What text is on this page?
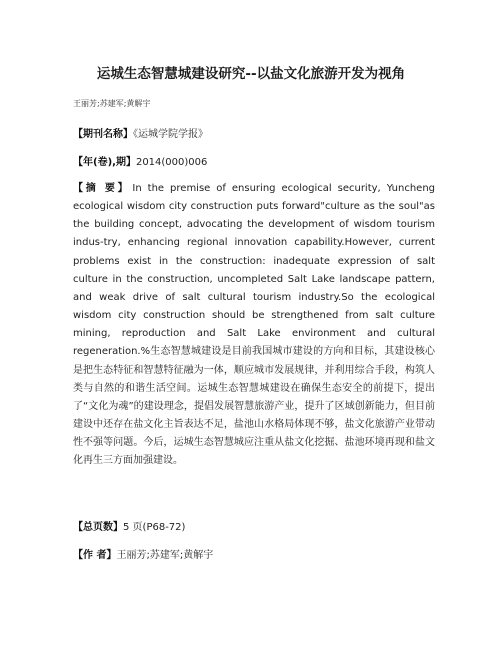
运城生态智慧城建设研究--以盐文化旅游开发为视角
王丽芳;苏建军;黄解宇
【期刊名称】《运城学院学报》
【年(卷),期】2014(000)006
【摘 要】 In the premise of ensuring ecological security, Yuncheng ecological wisdom city construction puts forward"culture as the soul"as the building concept, advocating the development of wisdom tourism indus-try, enhancing regional innovation capability.However, current problems exist in the construction: inadequate expression of salt culture in the construction, uncompleted Salt Lake landscape pattern, and weak drive of salt cultural tourism industry.So the ecological wisdom city construction should be strengthened from salt culture mining, reproduction and Salt Lake environment and cultural regeneration.%生态智慧城建设是目前我国城市建设的方向和目标，其建设核心是把生态特征和智慧特征融为一体，顺应城市发展规律，并利用综合手段，构筑人类与自然的和谐生活空间。运城生态智慧城建设在确保生态安全的前提下，提出了“文化为魂”的建设理念，提倡发展智慧旅游产业，提升了区域创新能力，但目前建设中还存在盐文化主旨表达不足，盐池山水格局体现不够，盐文化旅游产业带动性不强等问题。今后，运城生态智慧城应注重从盐文化挖掘、盐池环境再现和盐文化再生三方面加强建设。
【总页数】5 页(P68-72)
【作 者】王丽芳;苏建军;黄解宇
